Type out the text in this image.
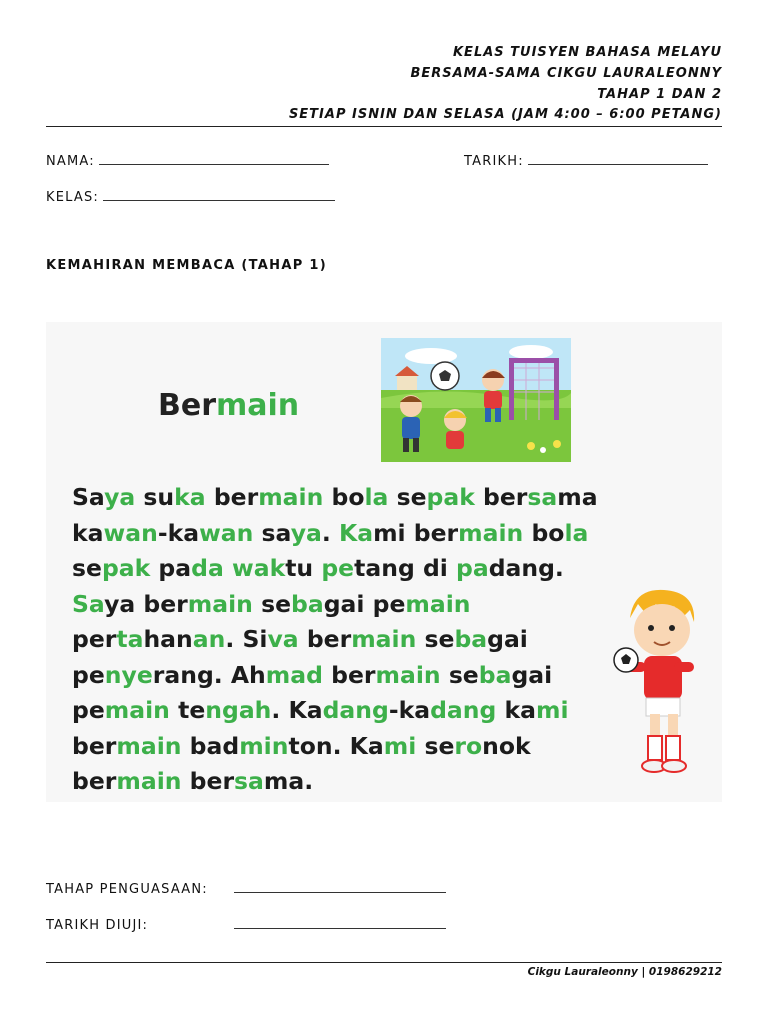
KELAS TUISYEN BAHASA MELAYU
BERSAMA-SAMA CIKGU LAURALEONNY
TAHAP 1 DAN 2
SETIAP ISNIN DAN SELASA (JAM 4:00 – 6:00 PETANG)
NAMA:	TARIKH:
KELAS:
KEMAHIRAN MEMBACA (TAHAP 1)
Bermain
Saya suka bermain bola sepak bersama
kawan-kawan saya. Kami bermain bola
sepak pada waktu petang di padang.
Saya bermain sebagai pemain
pertahanan. Siva bermain sebagai
penyerang. Ahmad bermain sebagai
pemain tengah. Kadang-kadang kami
bermain badminton. Kami seronok
bermain bersama.
TAHAP PENGUASAAN:
TARIKH DIUJI:
Cikgu Lauraleonny | 0198629212
